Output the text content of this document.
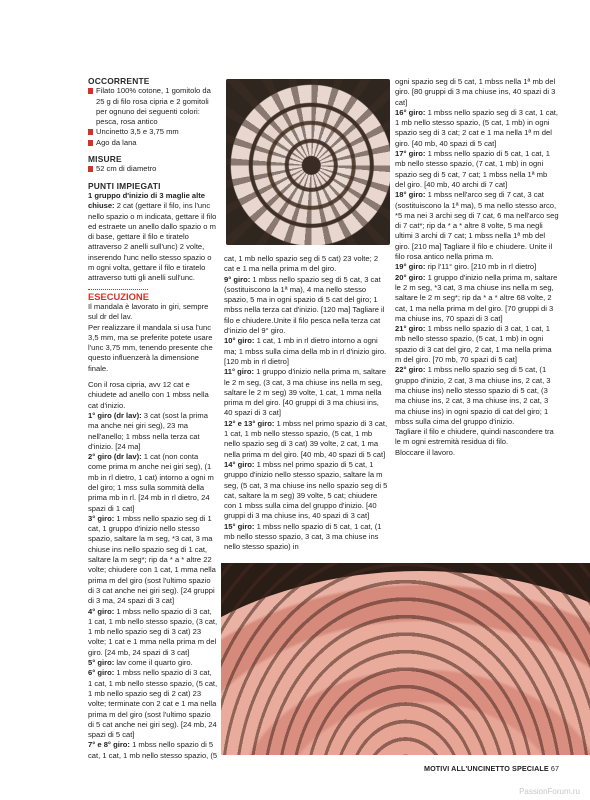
OCCORRENTE

Filato 100% cotone, 1 gomitolo da 25 g di filo rosa cipria e 2 gomitoli per ognuno dei seguenti colori: pesca, rosa antico

Uncinetto 3,5 e 3,75 mm

Ago da lana

MISURE

52 cm di diametro

PUNTI IMPIEGATI

1 gruppo d'inizio di 3 maglie alte chiuse: 2 cat (gettare il filo, ins l'unc nello spazio o m indicata, gettare il filo ed estraete un anello dallo spazio o m di base, gettare il filo e tiratelo attraverso 2 anelli sull'unc) 2 volte, inserendo l'unc nello stesso spazio o m ogni volta, gettare il filo e tiratelo attraverso tutti gli anelli sull'unc.

ESECUZIONE

Il mandala è lavorato in giri, sempre sul dr del lav.

Per realizzare il mandala si usa l'unc 3,5 mm, ma se preferite potete usare l'unc 3,75 mm, tenendo presente che questo influenzerà la dimensione finale.

Con il rosa cipria, avv 12 cat e chiudete ad anello con 1 mbss nella cat d'inizio.

1° giro (dr lav): 3 cat (sost la prima ma anche nei giri seg), 23 ma nell'anello; 1 mbss nella terza cat d'inizio. [24 ma]

2° giro (dr lav): 1 cat (non conta come prima m anche nei giri seg), (1 mb in rl dietro, 1 cat) intorno a ogni m del giro; 1 mss sulla sommità della prima mb in rl. [24 mb in rl dietro, 24 spazi di 1 cat]

3° giro: 1 mbss nello spazio seg di 1 cat, 1 gruppo d'inizio nello stesso spazio, saltare la m seg, *3 cat, 3 ma chiuse ins nello spazio seg di 1 cat, saltare la m seg*; rip da * a * altre 22 volte; chiudere con 1 cat, 1 mma nella prima m del giro (sost l'ultimo spazio di 3 cat anche nei giri seg). [24 gruppi di 3 ma, 24 spazi di 3 cat]

4° giro: 1 mbss nello spazio di 3 cat, 1 cat, 1 mb nello stesso spazio, (3 cat, 1 mb nello spazio seg di 3 cat) 23 volte; 1 cat e 1 mma nella prima m del giro. [24 mb, 24 spazi di 3 cat]

5° giro: lav come il quarto giro.

6° giro: 1 mbss nello spazio di 3 cat, 1 cat, 1 mb nello stesso spazio, (5 cat, 1 mb nello spazio seg di 2 cat) 23 volte; terminate con 2 cat e 1 ma nella prima m del giro (sost l'ultimo spazio di 5 cat anche nei giri seg). [24 mb, 24 spazi di 5 cat]

7° e 8° giro: 1 mbss nello spazio di 5 cat, 1 cat, 1 mb nello stesso spazio, (5

cat, 1 mb nello spazio seg di 5 cat) 23 volte; 2 cat e 1 ma nella prima m del giro.

9° giro: 1 mbss nello spazio seg di 5 cat, 3 cat (sostituiscono la 1ª ma), 4 ma nello stesso spazio, 5 ma in ogni spazio di 5 cat del giro; 1 mbss nella terza cat d'inizio. [120 ma] Tagliare il filo e chiudere.Unite il filo pesca nella terza cat d'inizio del 9° giro.

10° giro: 1 cat, 1 mb in rl dietro intorno a ogni ma; 1 mbss sulla cima della mb in rl d'inizio giro. [120 mb in rl dietro]

11° giro: 1 gruppo d'inizio nella prima m, saltare le 2 m seg, (3 cat, 3 ma chiuse ins nella m seg, saltare le 2 m seg) 39 volte, 1 cat, 1 mma nella prima m del giro. [40 gruppi di 3 ma chiusi ins, 40 spazi di 3 cat]

12° e 13° giro: 1 mbss nel primo spazio di 3 cat, 1 cat, 1 mb nello stesso spazio, (5 cat, 1 mb nello spazio seg di 3 cat) 39 volte, 2 cat, 1 ma nella prima m del giro. [40 mb, 40 spazi di 5 cat]

14° giro: 1 mbss nel primo spazio di 5 cat, 1 gruppo d'inizio nello stesso spazio, saltare la m seg, (5 cat, 3 ma chiuse ins nello spazio seg di 5 cat, saltare la m seg) 39 volte, 5 cat; chiudere con 1 mbss sulla cima del gruppo d'inizio. [40 gruppi di 3 ma chiuse ins, 40 spazi di 3 cat]

15° giro: 1 mbss nello spazio di 5 cat, 1 cat, (1 mb nello stesso spazio, 3 cat, 3 ma chiuse ins nello stesso spazio) in

ogni spazio seg di 5 cat, 1 mbss nella 1ª mb del giro. [80 gruppi di 3 ma chiuse ins, 40 spazi di 3 cat]

16° giro: 1 mbss nello spazio seg di 3 cat, 1 cat, 1 mb nello stesso spazio, (5 cat, 1 mb) in ogni spazio seg di 3 cat; 2 cat e 1 ma nella 1ª m del giro. [40 mb, 40 spazi di 5 cat]

17° giro: 1 mbss nello spazio di 5 cat, 1 cat, 1 mb nello stesso spazio, (7 cat, 1 mb) in ogni spazio seg di 5 cat, 7 cat; 1 mbss nella 1ª mb del giro. [40 mb, 40 archi di 7 cat]

18° giro: 1 mbss nell'arco seg di 7 cat, 3 cat (sostituiscono la 1ª ma), 5 ma nello stesso arco, *5 ma nei 3 archi seg di 7 cat, 6 ma nell'arco seg di 7 cat*; rip da * a * altre 8 volte, 5 ma negli ultimi 3 archi di 7 cat; 1 mbss nella 1ª mb del giro. [210 ma] Tagliare il filo e chiudere. Unite il filo rosa antico nella prima m.

19° giro: rip l'11° giro. [210 mb in rl dietro]

20° giro: 1 gruppo d'inizio nella prima m, saltare le 2 m seg, *3 cat, 3 ma chiuse ins nella m seg, saltare le 2 m seg*; rip da * a * altre 68 volte, 2 cat, 1 ma nella prima m del giro. [70 gruppi di 3 ma chiuse ins, 70 spazi di 3 cat]

21° giro: 1 mbss nello spazio di 3 cat, 1 cat, 1 mb nello stesso spazio, (5 cat, 1 mb) in ogni spazio di 3 cat del giro, 2 cat, 1 ma nella prima m del giro. [70 mb, 70 spazi di 5 cat]

22° giro: 1 mbss nello spazio seg di 5 cat, (1 gruppo d'inizio, 2 cat, 3 ma chiuse ins, 2 cat, 3 ma chiuse ins) nello stesso spazio di 5 cat, (3 ma chiuse ins, 2 cat, 3 ma chiuse ins, 2 cat, 3 ma chiuse ins) in ogni spazio di cat del giro; 1 mbss sulla cima del gruppo d'inizio.

Tagliare il filo e chiudere, quindi nascondere tra le m ogni estremità residua di filo.

Bloccare il lavoro.

MOTIVI ALL'UNCINETTO SPECIALE 67
PassionForum.ru
